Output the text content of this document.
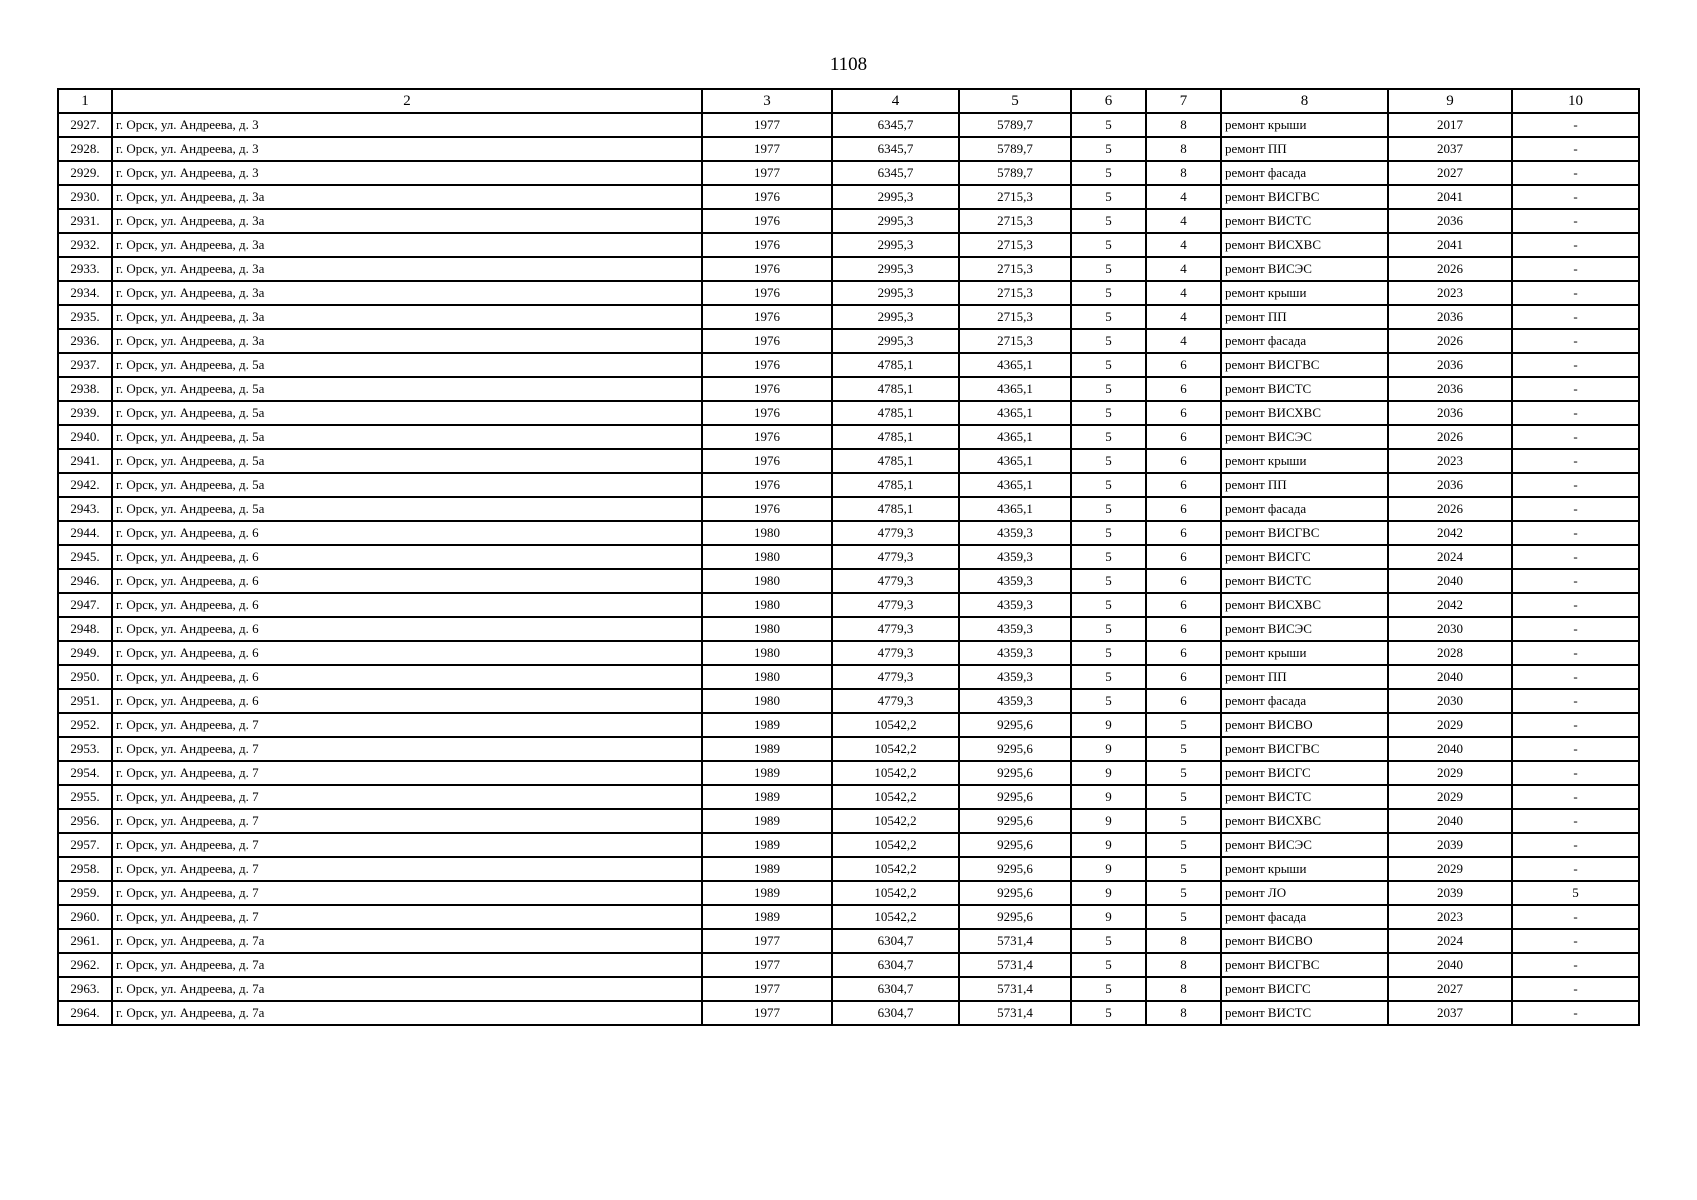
1108
1	2	3	4	5	6	7	8	9	10
2927.	г. Орск, ул. Андреева, д. 3	1977	6345,7	5789,7	5	8	ремонт крыши	2017	-
2928.	г. Орск, ул. Андреева, д. 3	1977	6345,7	5789,7	5	8	ремонт ПП	2037	-
2929.	г. Орск, ул. Андреева, д. 3	1977	6345,7	5789,7	5	8	ремонт фасада	2027	-
2930.	г. Орск, ул. Андреева, д. 3а	1976	2995,3	2715,3	5	4	ремонт ВИСГВС	2041	-
2931.	г. Орск, ул. Андреева, д. 3а	1976	2995,3	2715,3	5	4	ремонт ВИСТС	2036	-
2932.	г. Орск, ул. Андреева, д. 3а	1976	2995,3	2715,3	5	4	ремонт ВИСХВС	2041	-
2933.	г. Орск, ул. Андреева, д. 3а	1976	2995,3	2715,3	5	4	ремонт ВИСЭС	2026	-
2934.	г. Орск, ул. Андреева, д. 3а	1976	2995,3	2715,3	5	4	ремонт крыши	2023	-
2935.	г. Орск, ул. Андреева, д. 3а	1976	2995,3	2715,3	5	4	ремонт ПП	2036	-
2936.	г. Орск, ул. Андреева, д. 3а	1976	2995,3	2715,3	5	4	ремонт фасада	2026	-
2937.	г. Орск, ул. Андреева, д. 5а	1976	4785,1	4365,1	5	6	ремонт ВИСГВС	2036	-
2938.	г. Орск, ул. Андреева, д. 5а	1976	4785,1	4365,1	5	6	ремонт ВИСТС	2036	-
2939.	г. Орск, ул. Андреева, д. 5а	1976	4785,1	4365,1	5	6	ремонт ВИСХВС	2036	-
2940.	г. Орск, ул. Андреева, д. 5а	1976	4785,1	4365,1	5	6	ремонт ВИСЭС	2026	-
2941.	г. Орск, ул. Андреева, д. 5а	1976	4785,1	4365,1	5	6	ремонт крыши	2023	-
2942.	г. Орск, ул. Андреева, д. 5а	1976	4785,1	4365,1	5	6	ремонт ПП	2036	-
2943.	г. Орск, ул. Андреева, д. 5а	1976	4785,1	4365,1	5	6	ремонт фасада	2026	-
2944.	г. Орск, ул. Андреева, д. 6	1980	4779,3	4359,3	5	6	ремонт ВИСГВС	2042	-
2945.	г. Орск, ул. Андреева, д. 6	1980	4779,3	4359,3	5	6	ремонт ВИСГС	2024	-
2946.	г. Орск, ул. Андреева, д. 6	1980	4779,3	4359,3	5	6	ремонт ВИСТС	2040	-
2947.	г. Орск, ул. Андреева, д. 6	1980	4779,3	4359,3	5	6	ремонт ВИСХВС	2042	-
2948.	г. Орск, ул. Андреева, д. 6	1980	4779,3	4359,3	5	6	ремонт ВИСЭС	2030	-
2949.	г. Орск, ул. Андреева, д. 6	1980	4779,3	4359,3	5	6	ремонт крыши	2028	-
2950.	г. Орск, ул. Андреева, д. 6	1980	4779,3	4359,3	5	6	ремонт ПП	2040	-
2951.	г. Орск, ул. Андреева, д. 6	1980	4779,3	4359,3	5	6	ремонт фасада	2030	-
2952.	г. Орск, ул. Андреева, д. 7	1989	10542,2	9295,6	9	5	ремонт ВИСВО	2029	-
2953.	г. Орск, ул. Андреева, д. 7	1989	10542,2	9295,6	9	5	ремонт ВИСГВС	2040	-
2954.	г. Орск, ул. Андреева, д. 7	1989	10542,2	9295,6	9	5	ремонт ВИСГС	2029	-
2955.	г. Орск, ул. Андреева, д. 7	1989	10542,2	9295,6	9	5	ремонт ВИСТС	2029	-
2956.	г. Орск, ул. Андреева, д. 7	1989	10542,2	9295,6	9	5	ремонт ВИСХВС	2040	-
2957.	г. Орск, ул. Андреева, д. 7	1989	10542,2	9295,6	9	5	ремонт ВИСЭС	2039	-
2958.	г. Орск, ул. Андреева, д. 7	1989	10542,2	9295,6	9	5	ремонт крыши	2029	-
2959.	г. Орск, ул. Андреева, д. 7	1989	10542,2	9295,6	9	5	ремонт ЛО	2039	5
2960.	г. Орск, ул. Андреева, д. 7	1989	10542,2	9295,6	9	5	ремонт фасада	2023	-
2961.	г. Орск, ул. Андреева, д. 7а	1977	6304,7	5731,4	5	8	ремонт ВИСВО	2024	-
2962.	г. Орск, ул. Андреева, д. 7а	1977	6304,7	5731,4	5	8	ремонт ВИСГВС	2040	-
2963.	г. Орск, ул. Андреева, д. 7а	1977	6304,7	5731,4	5	8	ремонт ВИСГС	2027	-
2964.	г. Орск, ул. Андреева, д. 7а	1977	6304,7	5731,4	5	8	ремонт ВИСТС	2037	-
